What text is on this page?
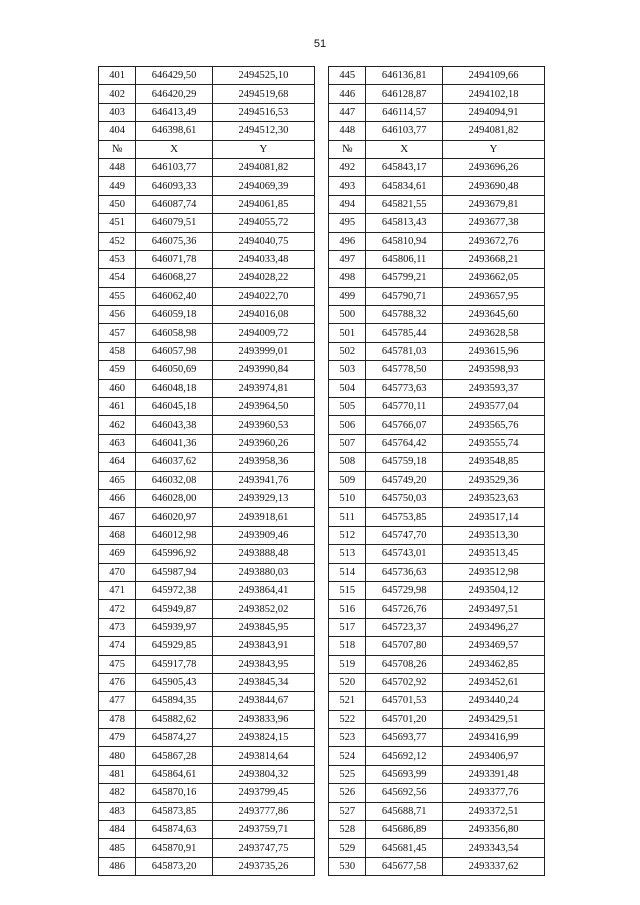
51
401	646429,50	2494525,10		445	646136,81	2494109,66
402	646420,29	2494519,68		446	646128,87	2494102,18
403	646413,49	2494516,53		447	646114,57	2494094,91
404	646398,61	2494512,30		448	646103,77	2494081,82
№	X	Y		№	X	Y
448	646103,77	2494081,82		492	645843,17	2493696,26
449	646093,33	2494069,39		493	645834,61	2493690,48
450	646087,74	2494061,85		494	645821,55	2493679,81
451	646079,51	2494055,72		495	645813,43	2493677,38
452	646075,36	2494040,75		496	645810,94	2493672,76
453	646071,78	2494033,48		497	645806,11	2493668,21
454	646068,27	2494028,22		498	645799,21	2493662,05
455	646062,40	2494022,70		499	645790,71	2493657,95
456	646059,18	2494016,08		500	645788,32	2493645,60
457	646058,98	2494009,72		501	645785,44	2493628,58
458	646057,98	2493999,01		502	645781,03	2493615,96
459	646050,69	2493990,84		503	645778,50	2493598,93
460	646048,18	2493974,81		504	645773,63	2493593,37
461	646045,18	2493964,50		505	645770,11	2493577,04
462	646043,38	2493960,53		506	645766,07	2493565,76
463	646041,36	2493960,26		507	645764,42	2493555,74
464	646037,62	2493958,36		508	645759,18	2493548,85
465	646032,08	2493941,76		509	645749,20	2493529,36
466	646028,00	2493929,13		510	645750,03	2493523,63
467	646020,97	2493918,61		511	645753,85	2493517,14
468	646012,98	2493909,46		512	645747,70	2493513,30
469	645996,92	2493888,48		513	645743,01	2493513,45
470	645987,94	2493880,03		514	645736,63	2493512,98
471	645972,38	2493864,41		515	645729,98	2493504,12
472	645949,87	2493852,02		516	645726,76	2493497,51
473	645939,97	2493845,95		517	645723,37	2493496,27
474	645929,85	2493843,91		518	645707,80	2493469,57
475	645917,78	2493843,95		519	645708,26	2493462,85
476	645905,43	2493845,34		520	645702,92	2493452,61
477	645894,35	2493844,67		521	645701,53	2493440,24
478	645882,62	2493833,96		522	645701,20	2493429,51
479	645874,27	2493824,15		523	645693,77	2493416,99
480	645867,28	2493814,64		524	645692,12	2493406,97
481	645864,61	2493804,32		525	645693,99	2493391,48
482	645870,16	2493799,45		526	645692,56	2493377,76
483	645873,85	2493777,86		527	645688,71	2493372,51
484	645874,63	2493759,71		528	645686,89	2493356,80
485	645870,91	2493747,75		529	645681,45	2493343,54
486	645873,20	2493735,26		530	645677,58	2493337,62
